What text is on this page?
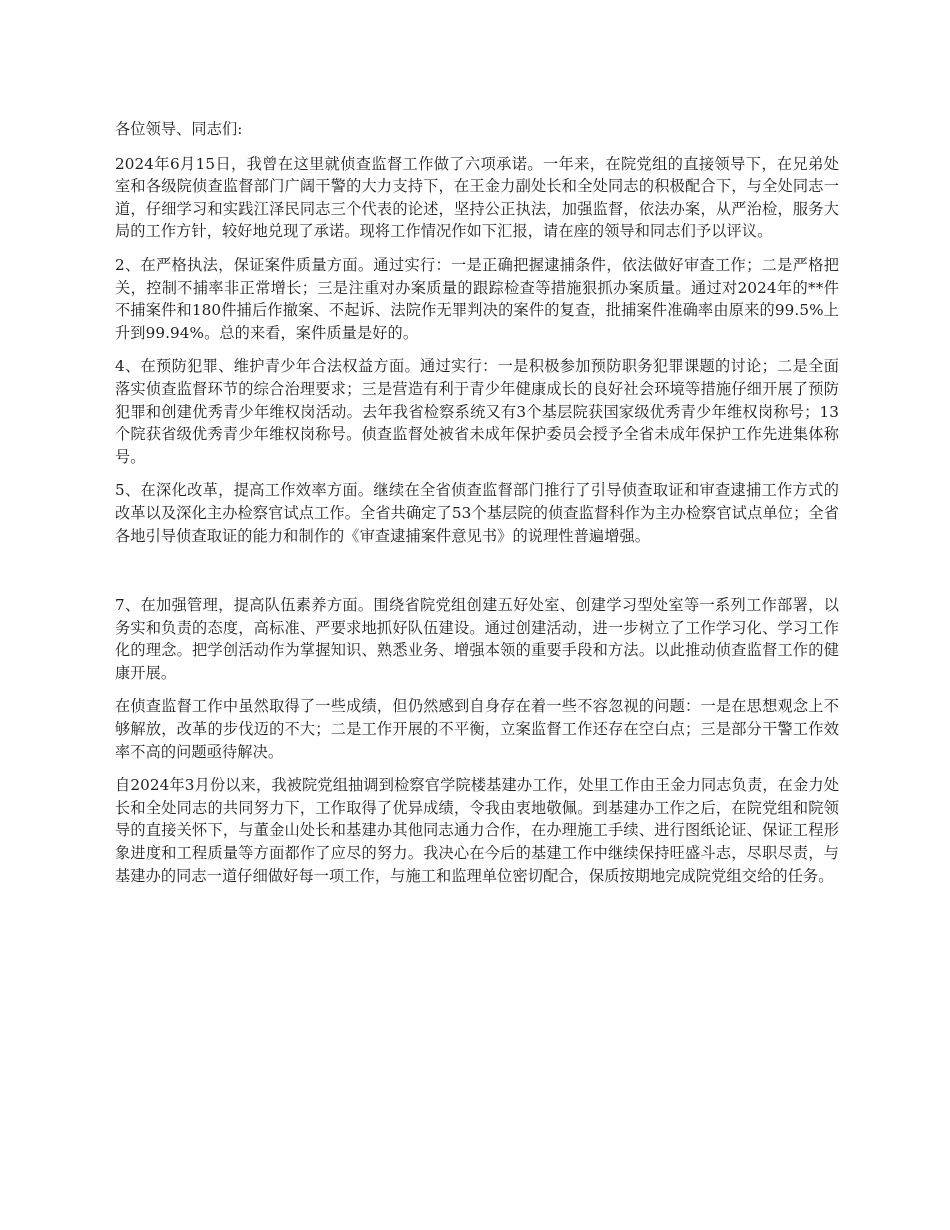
各位领导、同志们:

2024年6月15日，我曾在这里就侦查监督工作做了六项承诺。一年来，在院党组的直接领导下，在兄弟处室和各级院侦查监督部门广阔干警的大力支持下，在王金力副处长和全处同志的积极配合下，与全处同志一道，仔细学习和实践江泽民同志三个代表的论述，坚持公正执法，加强监督，依法办案，从严治检，服务大局的工作方针，较好地兑现了承诺。现将工作情况作如下汇报，请在座的领导和同志们予以评议。

2、在严格执法，保证案件质量方面。通过实行：一是正确把握逮捕条件，依法做好审查工作；二是严格把关，控制不捕率非正常增长；三是注重对办案质量的跟踪检查等措施狠抓办案质量。通过对2024年的**件不捕案件和180件捕后作撤案、不起诉、法院作无罪判决的案件的复查，批捕案件准确率由原来的99.5%上升到99.94%。总的来看，案件质量是好的。

4、在预防犯罪、维护青少年合法权益方面。通过实行：一是积极参加预防职务犯罪课题的讨论；二是全面落实侦查监督环节的综合治理要求；三是营造有利于青少年健康成长的良好社会环境等措施仔细开展了预防犯罪和创建优秀青少年维权岗活动。去年我省检察系统又有3个基层院获国家级优秀青少年维权岗称号；13个院获省级优秀青少年维权岗称号。侦查监督处被省未成年保护委员会授予全省未成年保护工作先进集体称号。

5、在深化改革，提高工作效率方面。继续在全省侦查监督部门推行了引导侦查取证和审查逮捕工作方式的改革以及深化主办检察官试点工作。全省共确定了53个基层院的侦查监督科作为主办检察官试点单位；全省各地引导侦查取证的能力和制作的《审查逮捕案件意见书》的说理性普遍增强。

7、在加强管理，提高队伍素养方面。围绕省院党组创建五好处室、创建学习型处室等一系列工作部署，以务实和负责的态度，高标准、严要求地抓好队伍建设。通过创建活动，进一步树立了工作学习化、学习工作化的理念。把学创活动作为掌握知识、熟悉业务、增强本领的重要手段和方法。以此推动侦查监督工作的健康开展。

在侦查监督工作中虽然取得了一些成绩，但仍然感到自身存在着一些不容忽视的问题：一是在思想观念上不够解放，改革的步伐迈的不大；二是工作开展的不平衡，立案监督工作还存在空白点；三是部分干警工作效率不高的问题亟待解决。

自2024年3月份以来，我被院党组抽调到检察官学院楼基建办工作，处里工作由王金力同志负责，在金力处长和全处同志的共同努力下，工作取得了优异成绩，令我由衷地敬佩。到基建办工作之后，在院党组和院领导的直接关怀下，与董金山处长和基建办其他同志通力合作，在办理施工手续、进行图纸论证、保证工程形象进度和工程质量等方面都作了应尽的努力。我决心在今后的基建工作中继续保持旺盛斗志，尽职尽责，与基建办的同志一道仔细做好每一项工作，与施工和监理单位密切配合，保质按期地完成院党组交给的任务。
